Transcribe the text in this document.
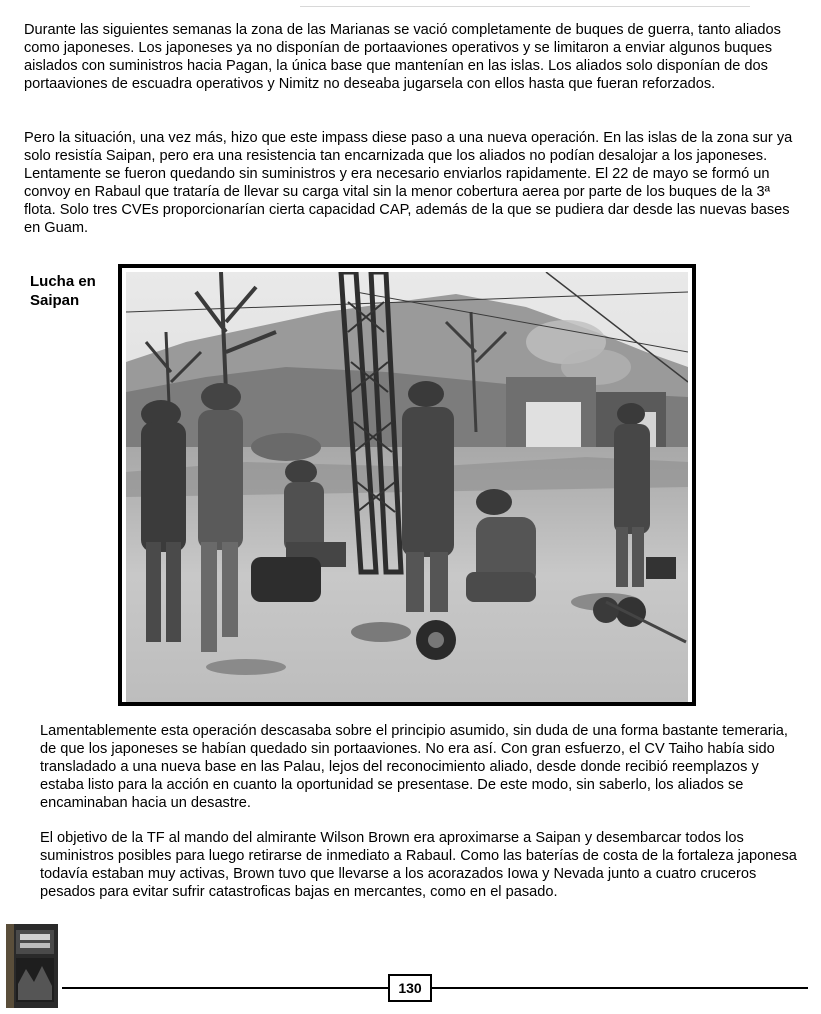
Durante las siguientes semanas la zona de las Marianas se vació completamente de buques de guerra, tanto aliados como japoneses. Los japoneses ya no disponían de portaaviones operativos y se limitaron a enviar algunos buques aislados con suministros hacia Pagan, la única base que mantenían en las islas. Los aliados solo disponían de dos portaaviones de escuadra operativos y Nimitz no deseaba jugarsela con ellos hasta que fueran reforzados.

Pero la situación, una vez más, hizo que este impass diese paso a una nueva operación. En las islas de la zona sur ya solo resistía Saipan, pero era una resistencia tan encarnizada que los aliados no podían desalojar a los japoneses. Lentamente se fueron quedando sin suministros y era necesario enviarlos rapidamente. El 22 de mayo se formó un convoy en Rabaul que trataría de llevar su carga vital sin la menor cobertura aerea por parte de los buques de la 3ª flota. Solo tres CVEs proporcionarían cierta capacidad CAP, además de la que se pudiera dar desde las nuevas bases en Guam.

Lucha en
Saipan

Lamentablemente esta operación descasaba sobre el principio asumido, sin duda de una forma bastante temeraria, de que los japoneses se habían quedado sin portaaviones. No era así. Con gran esfuerzo, el CV Taiho había sido transladado a una nueva base en las Palau, lejos del reconocimiento aliado, desde donde recibió reemplazos y estaba listo para la acción en cuanto la oportunidad se presentase. De este modo, sin saberlo, los aliados se encaminaban hacia un desastre.

El objetivo de la TF al mando del almirante Wilson Brown era aproximarse a Saipan y desembarcar todos los suministros posibles para luego retirarse de inmediato a Rabaul. Como las baterías de costa de la fortaleza japonesa todavía estaban muy activas, Brown tuvo que llevarse a los acorazados Iowa y Nevada junto a cuatro cruceros pesados para evitar sufrir catastroficas bajas en mercantes, como en el pasado.

130
